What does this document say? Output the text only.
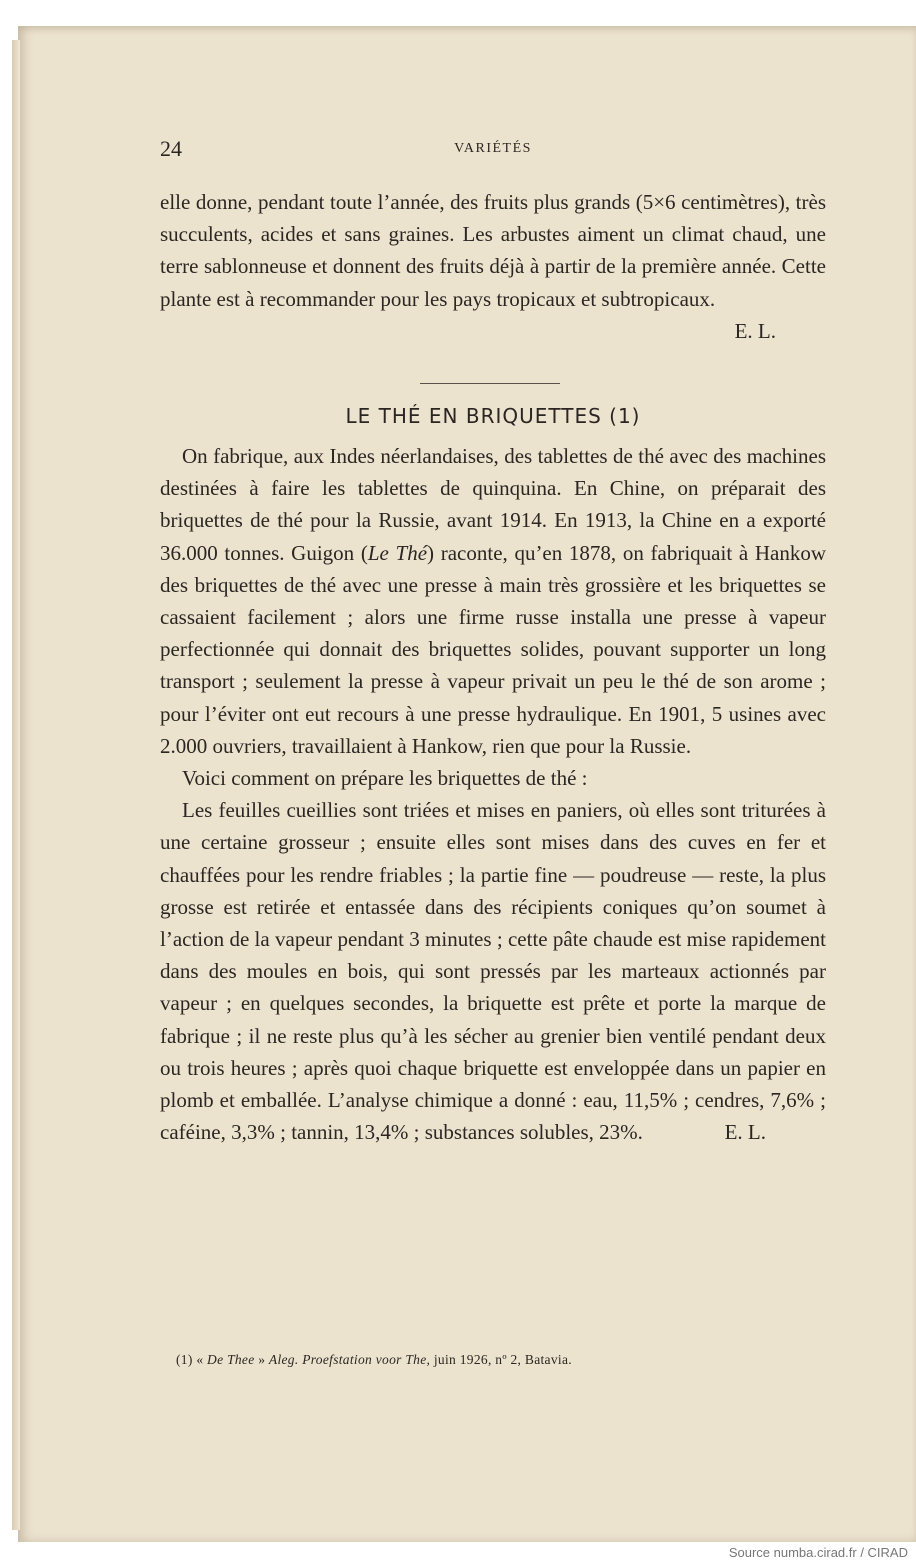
24	VARIÉTÉS

elle donne, pendant toute l’année, des fruits plus grands (5×6 centimètres), très succulents, acides et sans graines. Les arbustes aiment un climat chaud, une terre sablonneuse et donnent des fruits déjà à partir de la première année. Cette plante est à recommander pour les pays tropicaux et subtropicaux.

E. L.
LE THÉ EN BRIQUETTES (1)

On fabrique, aux Indes néerlandaises, des tablettes de thé avec des machines destinées à faire les tablettes de quinquina. En Chine, on préparait des briquettes de thé pour la Russie, avant 1914. En 1913, la Chine en a exporté 36.000 tonnes. Guigon (Le Thé) raconte, qu’en 1878, on fabriquait à Hankow des briquettes de thé avec une presse à main très grossière et les briquettes se cassaient facilement ; alors une firme russe installa une presse à vapeur perfectionnée qui donnait des briquettes solides, pouvant supporter un long transport ; seulement la presse à vapeur privait un peu le thé de son arome ; pour l’éviter ont eut recours à une presse hydraulique. En 1901, 5 usines avec 2.000 ouvriers, travaillaient à Hankow, rien que pour la Russie.

Voici comment on prépare les briquettes de thé :

Les feuilles cueillies sont triées et mises en paniers, où elles sont triturées à une certaine grosseur ; ensuite elles sont mises dans des cuves en fer et chauffées pour les rendre friables ; la partie fine — poudreuse — reste, la plus grosse est retirée et entassée dans des récipients coniques qu’on soumet à l’action de la vapeur pendant 3 minutes ; cette pâte chaude est mise rapidement dans des moules en bois, qui sont pressés par les marteaux actionnés par vapeur ; en quelques secondes, la briquette est prête et porte la marque de fabrique ; il ne reste plus qu’à les sécher au grenier bien ventilé pendant deux ou trois heures ; après quoi chaque briquette est enveloppée dans un papier en plomb et emballée. L’analyse chimique a donné : eau, 11,5% ; cendres, 7,6% ; caféine, 3,3% ; tannin, 13,4% ; substances solubles, 23%.	E. L.

(1) « De Thee » Aleg. Proefstation voor The, juin 1926, nº 2, Batavia.
Source numba.cirad.fr / CIRAD
